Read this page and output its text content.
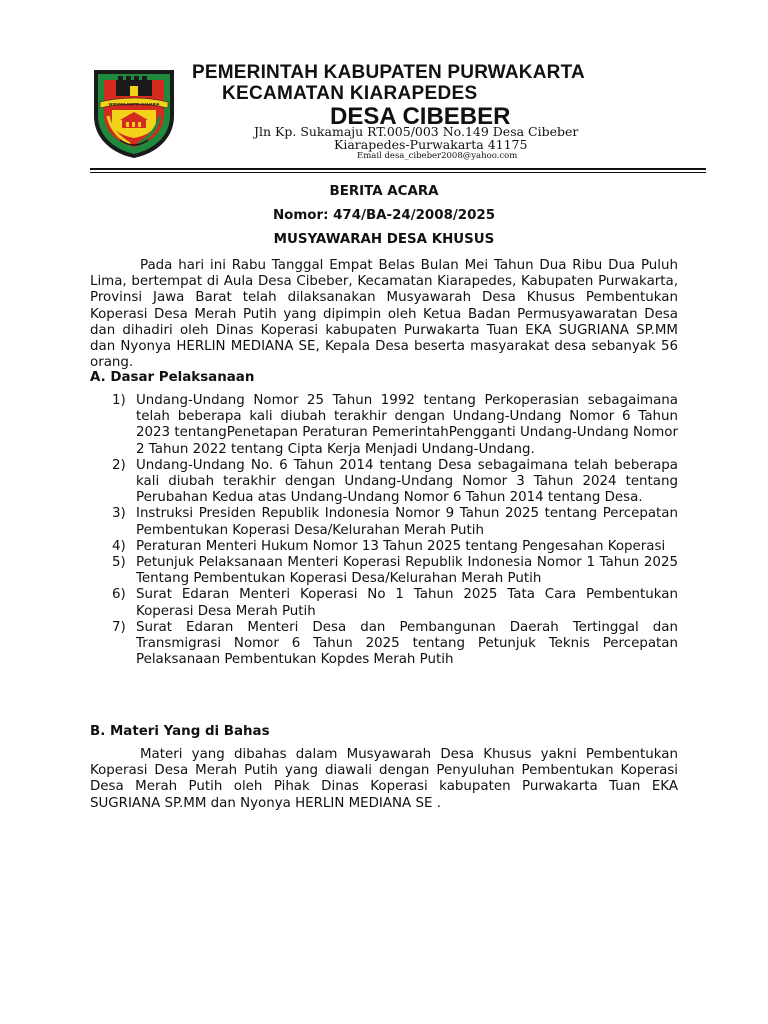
WIBAWA KARTA RAHARJA

PEMERINTAH KABUPATEN PURWAKARTA

KECAMATAN KIARAPEDES

DESA CIBEBER

Jln Kp. Sukamaju RT.005/003 No.149 Desa Cibeber
Kiarapedes-Purwakarta 41175
Email desa_cibeber2008@yahoo.com
BERITA ACARA
Nomor: 474/BA-24/2008/2025
MUSYAWARAH DESA KHUSUS

Pada hari ini Rabu Tanggal Empat Belas Bulan Mei Tahun Dua Ribu Dua Puluh Lima, bertempat di Aula Desa Cibeber, Kecamatan Kiarapedes, Kabupaten Purwakarta, Provinsi Jawa Barat telah dilaksanakan Musyawarah Desa Khusus Pembentukan Koperasi Desa Merah Putih yang dipimpin oleh Ketua Badan Permusyawaratan Desa dan dihadiri oleh Dinas Koperasi kabupaten Purwakarta Tuan EKA SUGRIANA SP.MM dan Nyonya HERLIN MEDIANA SE, Kepala Desa beserta masyarakat desa sebanyak 56 orang.

A. Dasar Pelaksanaan
1) Undang-Undang Nomor 25 Tahun 1992 tentang Perkoperasian sebagaimana telah beberapa kali diubah terakhir dengan Undang-Undang Nomor 6 Tahun 2023 tentangPenetapan Peraturan PemerintahPengganti Undang-Undang Nomor 2 Tahun 2022 tentang Cipta Kerja Menjadi Undang-Undang.
2) Undang-Undang No. 6 Tahun 2014 tentang Desa sebagaimana telah beberapa kali diubah terakhir dengan Undang-Undang Nomor 3 Tahun 2024 tentang Perubahan Kedua atas Undang-Undang Nomor 6 Tahun 2014 tentang Desa.
3) Instruksi Presiden Republik Indonesia Nomor 9 Tahun 2025 tentang Percepatan Pembentukan Koperasi Desa/Kelurahan Merah Putih
4) Peraturan Menteri Hukum Nomor 13 Tahun 2025 tentang Pengesahan Koperasi
5) Petunjuk Pelaksanaan Menteri Koperasi Republik Indonesia Nomor 1 Tahun 2025 Tentang Pembentukan Koperasi Desa/Kelurahan Merah Putih
6) Surat Edaran Menteri Koperasi No 1 Tahun 2025 Tata Cara Pembentukan Koperasi Desa Merah Putih
7) Surat Edaran Menteri Desa dan Pembangunan Daerah Tertinggal dan Transmigrasi Nomor 6 Tahun 2025 tentang Petunjuk Teknis Percepatan Pelaksanaan Pembentukan Kopdes Merah Putih
B. Materi Yang di Bahas

Materi yang dibahas dalam Musyawarah Desa Khusus yakni Pembentukan Koperasi Desa Merah Putih yang diawali dengan Penyuluhan Pembentukan Koperasi Desa Merah Putih oleh Pihak Dinas Koperasi kabupaten Purwakarta Tuan EKA SUGRIANA SP.MM dan Nyonya HERLIN MEDIANA SE .
